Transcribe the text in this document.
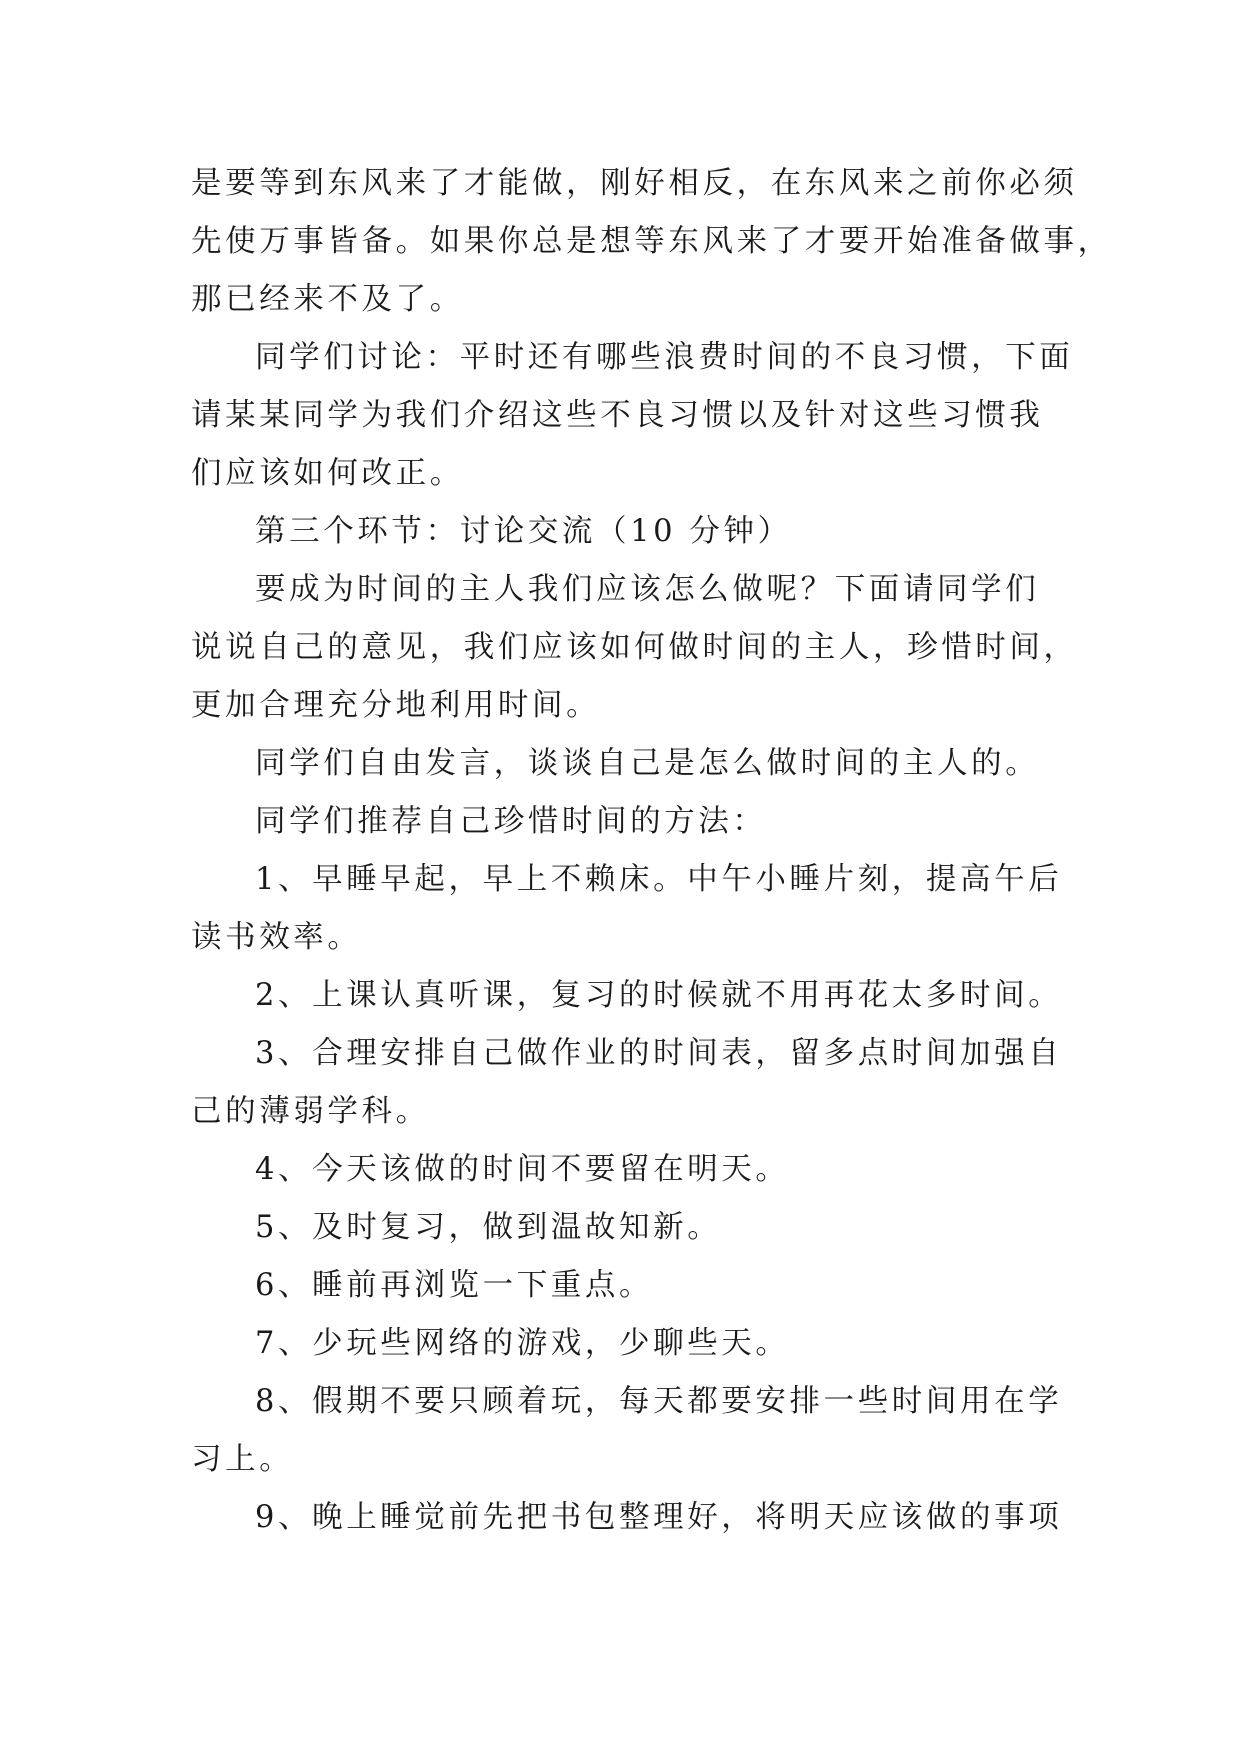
是要等到东风来了才能做，刚好相反，在东风来之前你必须
先使万事皆备。如果你总是想等东风来了才要开始准备做事，
那已经来不及了。
同学们讨论：平时还有哪些浪费时间的不良习惯，下面
请某某同学为我们介绍这些不良习惯以及针对这些习惯我
们应该如何改正。
第三个环节：讨论交流（10 分钟）
要成为时间的主人我们应该怎么做呢？下面请同学们
说说自己的意见，我们应该如何做时间的主人，珍惜时间，
更加合理充分地利用时间。
同学们自由发言，谈谈自己是怎么做时间的主人的。
同学们推荐自己珍惜时间的方法：
1、早睡早起，早上不赖床。中午小睡片刻，提高午后
读书效率。
2、上课认真听课，复习的时候就不用再花太多时间。
3、合理安排自己做作业的时间表，留多点时间加强自
己的薄弱学科。
4、今天该做的时间不要留在明天。
5、及时复习，做到温故知新。
6、睡前再浏览一下重点。
7、少玩些网络的游戏，少聊些天。
8、假期不要只顾着玩，每天都要安排一些时间用在学
习上。
9、晚上睡觉前先把书包整理好，将明天应该做的事项
